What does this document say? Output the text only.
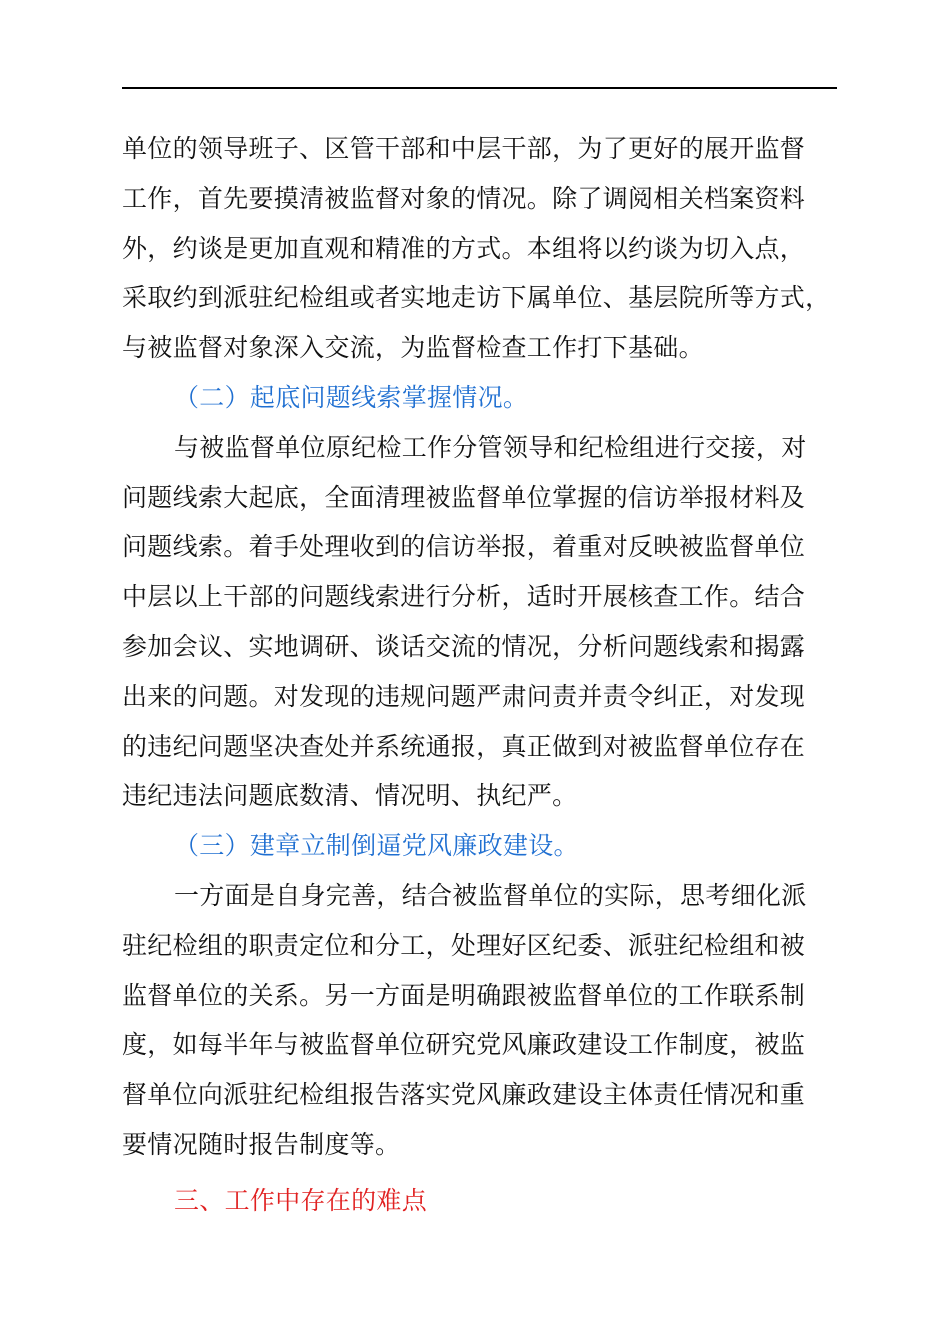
单位的领导班子、区管干部和中层干部，为了更好的展开监督
工作，首先要摸清被监督对象的情况。除了调阅相关档案资料
外，约谈是更加直观和精准的方式。本组将以约谈为切入点，
采取约到派驻纪检组或者实地走访下属单位、基层院所等方式，
与被监督对象深入交流，为监督检查工作打下基础。
（二）起底问题线索掌握情况。
与被监督单位原纪检工作分管领导和纪检组进行交接，对
问题线索大起底，全面清理被监督单位掌握的信访举报材料及
问题线索。着手处理收到的信访举报，着重对反映被监督单位
中层以上干部的问题线索进行分析，适时开展核查工作。结合
参加会议、实地调研、谈话交流的情况，分析问题线索和揭露
出来的问题。对发现的违规问题严肃问责并责令纠正，对发现
的违纪问题坚决查处并系统通报，真正做到对被监督单位存在
违纪违法问题底数清、情况明、执纪严。
（三）建章立制倒逼党风廉政建设。
一方面是自身完善，结合被监督单位的实际，思考细化派
驻纪检组的职责定位和分工，处理好区纪委、派驻纪检组和被
监督单位的关系。另一方面是明确跟被监督单位的工作联系制
度，如每半年与被监督单位研究党风廉政建设工作制度，被监
督单位向派驻纪检组报告落实党风廉政建设主体责任情况和重
要情况随时报告制度等。
三、工作中存在的难点
